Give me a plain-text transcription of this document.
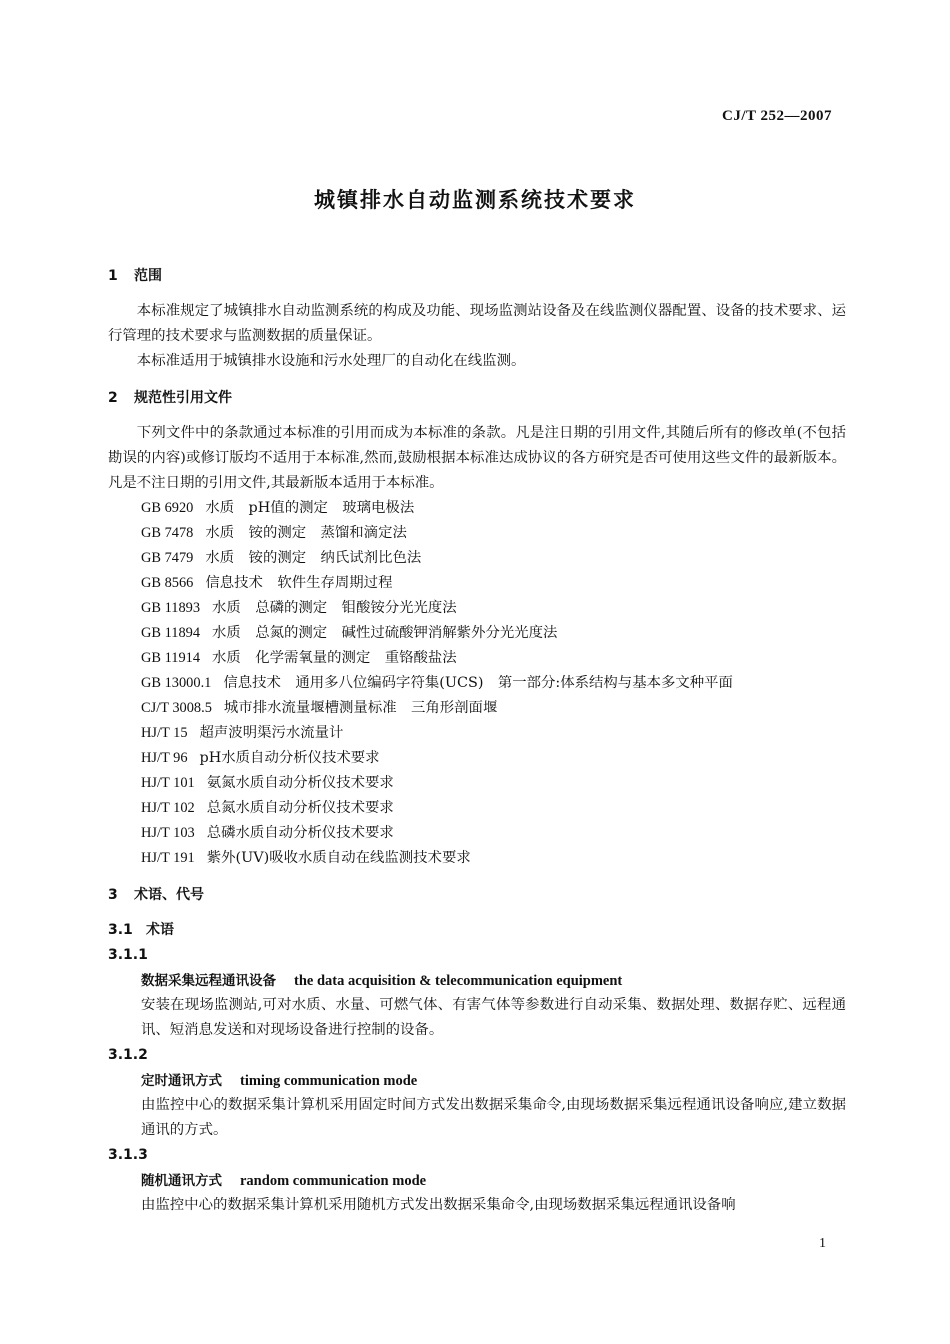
CJ/T 252—2007
城镇排水自动监测系统技术要求
1	范围

本标准规定了城镇排水自动监测系统的构成及功能、现场监测站设备及在线监测仪器配置、设备的技术要求、运行管理的技术要求与监测数据的质量保证。

本标准适用于城镇排水设施和污水处理厂的自动化在线监测。

2	规范性引用文件

下列文件中的条款通过本标准的引用而成为本标准的条款。凡是注日期的引用文件,其随后所有的修改单(不包括勘误的内容)或修订版均不适用于本标准,然而,鼓励根据本标准达成协议的各方研究是否可使用这些文件的最新版本。凡是不注日期的引用文件,其最新版本适用于本标准。

GB 6920 水质　pH值的测定　玻璃电极法
GB 7478 水质　铵的测定　蒸馏和滴定法
GB 7479 水质　铵的测定　纳氏试剂比色法
GB 8566 信息技术　软件生存周期过程
GB 11893 水质　总磷的测定　钼酸铵分光光度法
GB 11894 水质　总氮的测定　碱性过硫酸钾消解紫外分光光度法
GB 11914 水质　化学需氧量的测定　重铬酸盐法
GB 13000.1 信息技术　通用多八位编码字符集(UCS)　第一部分:体系结构与基本多文种平面
CJ/T 3008.5 城市排水流量堰槽测量标准　三角形剖面堰
HJ/T 15 超声波明渠污水流量计
HJ/T 96 pH水质自动分析仪技术要求
HJ/T 101 氨氮水质自动分析仪技术要求
HJ/T 102 总氮水质自动分析仪技术要求
HJ/T 103 总磷水质自动分析仪技术要求
HJ/T 191 紫外(UV)吸收水质自动在线监测技术要求
3	术语、代号
3.1 术语
3.1.1
数据采集远程通讯设备 the data acquisition & telecommunication equipment

安装在现场监测站,可对水质、水量、可燃气体、有害气体等参数进行自动采集、数据处理、数据存贮、远程通讯、短消息发送和对现场设备进行控制的设备。

3.1.2
定时通讯方式 timing communication mode

由监控中心的数据采集计算机采用固定时间方式发出数据采集命令,由现场数据采集远程通讯设备响应,建立数据通讯的方式。

3.1.3
随机通讯方式 random communication mode

由监控中心的数据采集计算机采用随机方式发出数据采集命令,由现场数据采集远程通讯设备响

1
